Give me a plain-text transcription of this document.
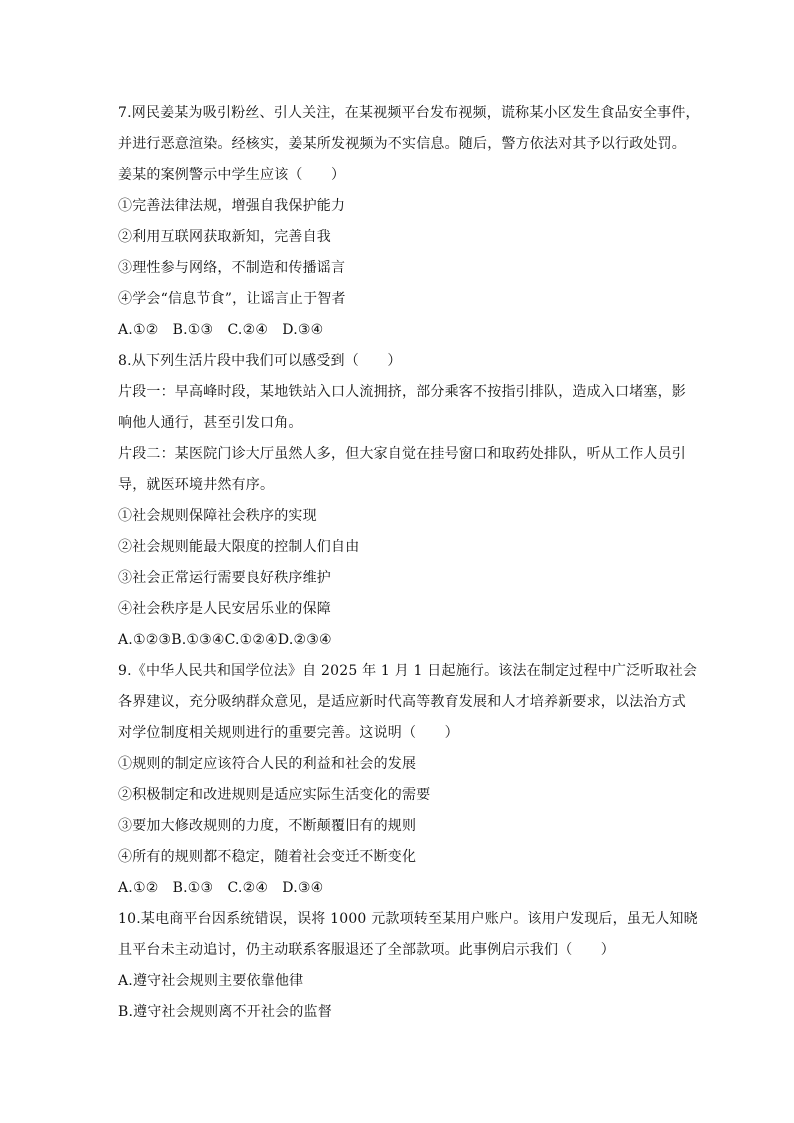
7.网民姜某为吸引粉丝、引人关注，在某视频平台发布视频，谎称某小区发生食品安全事件，
并进行恶意渲染。经核实，姜某所发视频为不实信息。随后，警方依法对其予以行政处罚。
姜某的案例警示中学生应该（　　）
①完善法律法规，增强自我保护能力
②利用互联网获取新知，完善自我
③理性参与网络，不制造和传播谣言
④学会“信息节食”，让谣言止于智者
A.①②　B.①③　C.②④　D.③④
8.从下列生活片段中我们可以感受到（　　）
片段一：早高峰时段，某地铁站入口人流拥挤，部分乘客不按指引排队，造成入口堵塞，影
响他人通行，甚至引发口角。
片段二：某医院门诊大厅虽然人多，但大家自觉在挂号窗口和取药处排队，听从工作人员引
导，就医环境井然有序。
①社会规则保障社会秩序的实现
②社会规则能最大限度的控制人们自由
③社会正常运行需要良好秩序维护
④社会秩序是人民安居乐业的保障
A.①②③B.①③④C.①②④D.②③④
9.《中华人民共和国学位法》自 2025 年 1 月 1 日起施行。该法在制定过程中广泛听取社会
各界建议，充分吸纳群众意见，是适应新时代高等教育发展和人才培养新要求，以法治方式
对学位制度相关规则进行的重要完善。这说明（　　）
①规则的制定应该符合人民的利益和社会的发展
②积极制定和改进规则是适应实际生活变化的需要
③要加大修改规则的力度，不断颠覆旧有的规则
④所有的规则都不稳定，随着社会变迁不断变化
A.①②　B.①③　C.②④　D.③④
10.某电商平台因系统错误，误将 1000 元款项转至某用户账户。该用户发现后，虽无人知晓
且平台未主动追讨，仍主动联系客服退还了全部款项。此事例启示我们（　　）
A.遵守社会规则主要依靠他律
B.遵守社会规则离不开社会的监督
